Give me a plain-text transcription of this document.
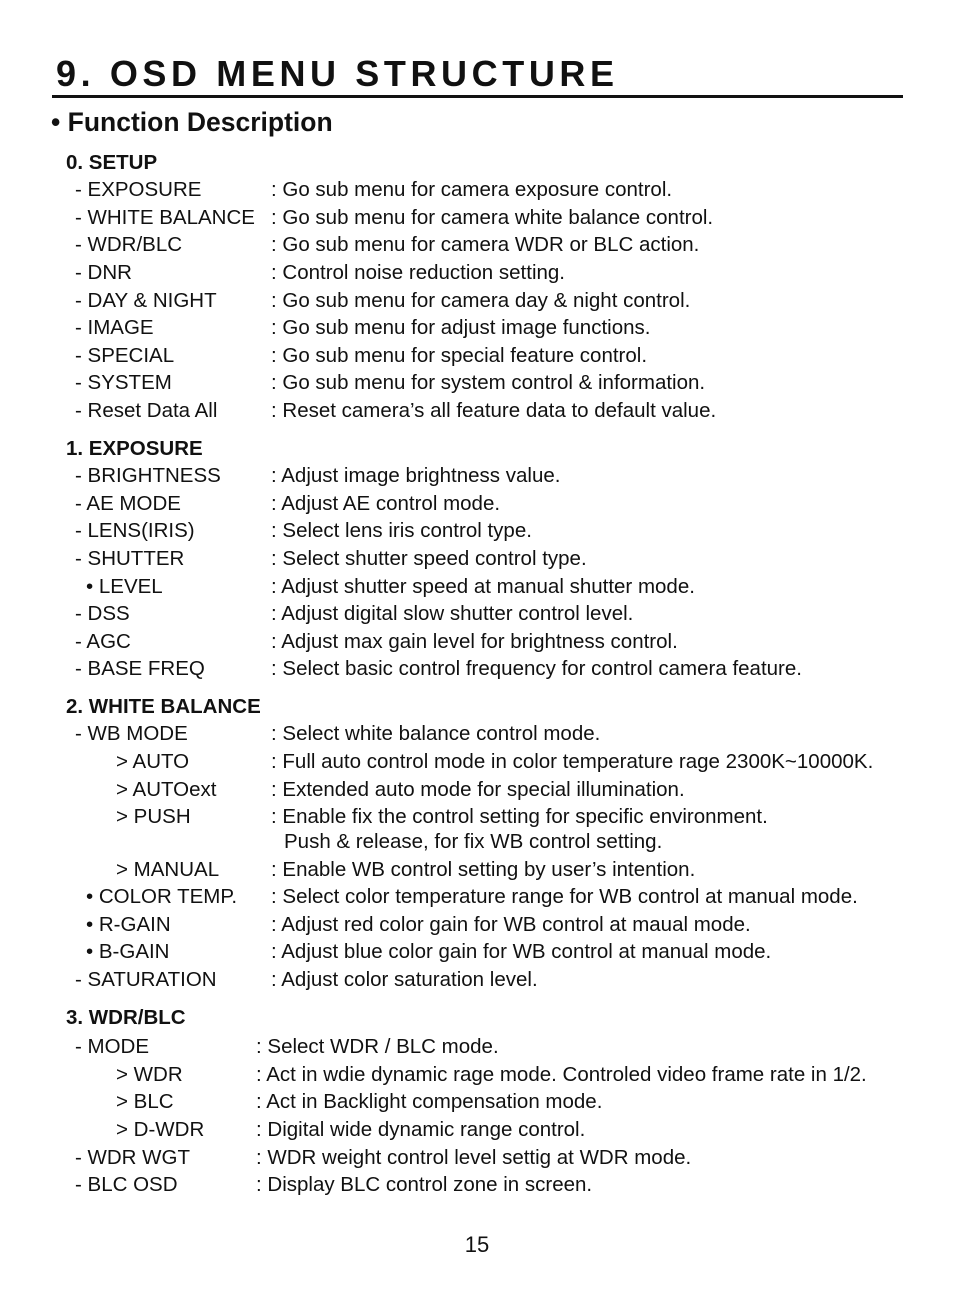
9. OSD MENU STRUCTURE
• Function Description
0. SETUP
- EXPOSURE	: Go sub menu for camera exposure control.
- WHITE BALANCE : Go sub menu for camera white balance control.
- WDR/BLC	: Go sub menu for camera WDR or BLC action.
- DNR	: Control noise reduction setting.
- DAY & NIGHT	: Go sub menu for camera day & night control.
- IMAGE	: Go sub menu for adjust image functions.
- SPECIAL	: Go sub menu for special feature control.
- SYSTEM	: Go sub menu for system control & information.
- Reset Data All	: Reset camera’s all feature data to default value.
1. EXPOSURE
- BRIGHTNESS : Adjust image brightness value.
- AE MODE	: Adjust AE control mode.
- LENS(IRIS)	: Select lens iris control type.
- SHUTTER	: Select shutter speed control type.
• LEVEL	: Adjust shutter speed at manual shutter mode.
- DSS	: Adjust digital slow shutter control level.
- AGC	: Adjust max gain level for brightness control.
- BASE FREQ	: Select basic control frequency for control camera feature.
2. WHITE BALANCE
- WB MODE	: Select white balance control mode.
> AUTO	: Full auto control mode in color temperature rage 2300K~10000K.
> AUTOext	: Extended auto mode for special illumination.
> PUSH	: Enable fix the control setting for specific environment.
Push & release, for fix WB control setting.
> MANUAL	: Enable WB control setting by user’s intention.
• COLOR TEMP. : Select color temperature range for WB control at manual mode.
• R-GAIN	: Adjust red color gain for WB control at maual mode.
• B-GAIN	: Adjust blue color gain for WB control at manual mode.
- SATURATION	: Adjust color saturation level.
3. WDR/BLC
- MODE	: Select WDR / BLC mode.
> WDR	: Act in wdie dynamic rage mode. Controled video frame rate in 1/2.
> BLC	: Act in Backlight compensation mode.
> D-WDR	: Digital wide dynamic range control.
- WDR WGT	: WDR weight control level settig at WDR mode.
- BLC OSD	: Display BLC control zone in screen.
15
